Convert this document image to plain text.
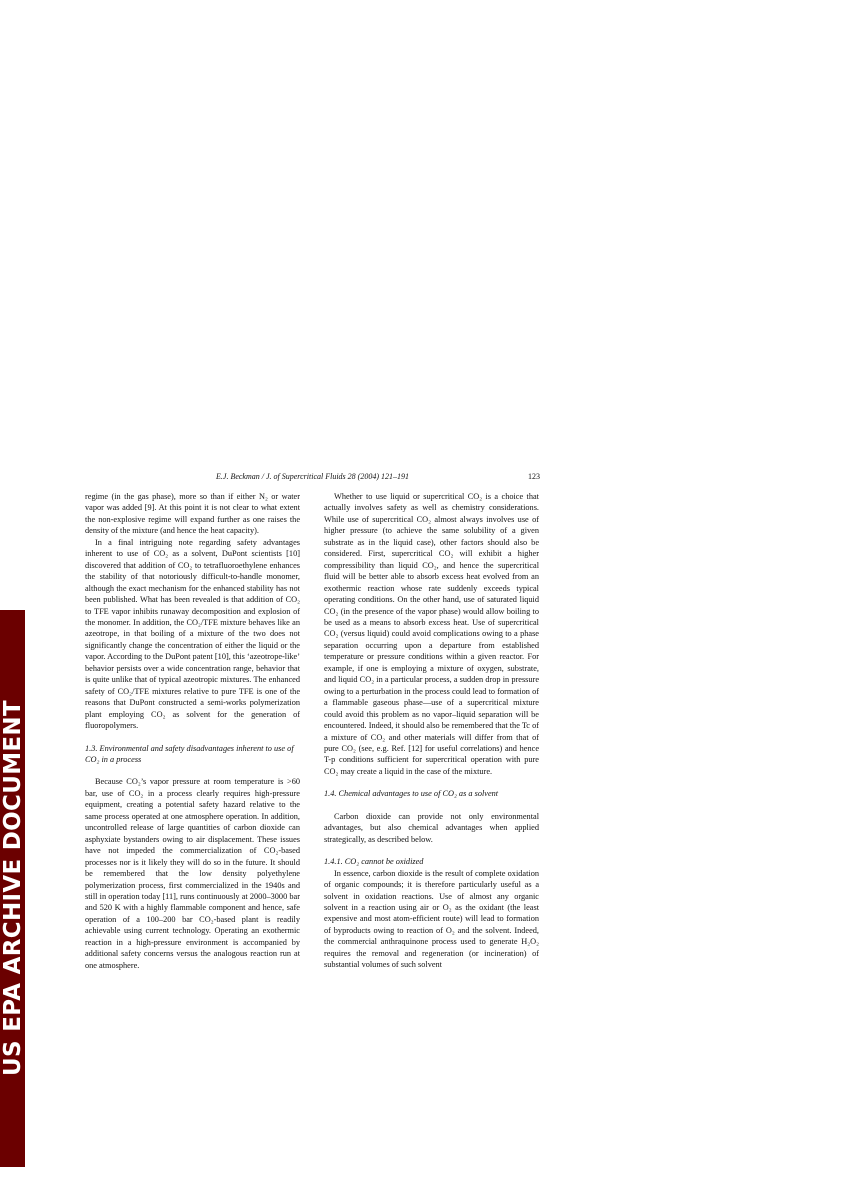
US EPA ARCHIVE DOCUMENT
E.J. Beckman / J. of Supercritical Fluids 28 (2004) 121–191	123

regime (in the gas phase), more so than if either N₂ or water vapor was added [9]. At this point it is not clear to what extent the non-explosive regime will expand further as one raises the density of the mixture (and hence the heat capacity).

In a final intriguing note regarding safety advantages inherent to use of CO₂ as a solvent, DuPont scientists [10] discovered that addition of CO₂ to tetrafluoroethylene enhances the stability of that notoriously difficult-to-handle monomer, although the exact mechanism for the enhanced stability has not been published. What has been revealed is that addition of CO₂ to TFE vapor inhibits runaway decomposition and explosion of the monomer. In addition, the CO₂/TFE mixture behaves like an azeotrope, in that boiling of a mixture of the two does not significantly change the concentration of either the liquid or the vapor. According to the DuPont patent [10], this ‘azeotrope-like’ behavior persists over a wide concentration range, behavior that is quite unlike that of typical azeotropic mixtures. The enhanced safety of CO₂/TFE mixtures relative to pure TFE is one of the reasons that DuPont constructed a semi-works polymerization plant employing CO₂ as solvent for the generation of fluoropolymers.

1.3. Environmental and safety disadvantages inherent to use of CO₂ in a process

Because CO₂’s vapor pressure at room temperature is >60 bar, use of CO₂ in a process clearly requires high-pressure equipment, creating a potential safety hazard relative to the same process operated at one atmosphere operation. In addition, uncontrolled release of large quantities of carbon dioxide can asphyxiate bystanders owing to air displacement. These issues have not impeded the commercialization of CO₂-based processes nor is it likely they will do so in the future. It should be remembered that the low density polyethylene polymerization process, first commercialized in the 1940s and still in operation today [11], runs continuously at 2000–3000 bar and 520 K with a highly flammable component and hence, safe operation of a 100–200 bar CO₂-based plant is readily achievable using current technology. Operating an exothermic reaction in a high-pressure environment is accompanied by additional safety concerns versus the analogous reaction run at one atmosphere.

Whether to use liquid or supercritical CO₂ is a choice that actually involves safety as well as chemistry considerations. While use of supercritical CO₂ almost always involves use of higher pressure (to achieve the same solubility of a given substrate as in the liquid case), other factors should also be considered. First, supercritical CO₂ will exhibit a higher compressibility than liquid CO₂, and hence the supercritical fluid will be better able to absorb excess heat evolved from an exothermic reaction whose rate suddenly exceeds typical operating conditions. On the other hand, use of saturated liquid CO₂ (in the presence of the vapor phase) would allow boiling to be used as a means to absorb excess heat. Use of supercritical CO₂ (versus liquid) could avoid complications owing to a phase separation occurring upon a departure from established temperature or pressure conditions within a given reactor. For example, if one is employing a mixture of oxygen, substrate, and liquid CO₂ in a particular process, a sudden drop in pressure owing to a perturbation in the process could lead to formation of a flammable gaseous phase—use of a supercritical mixture could avoid this problem as no vapor–liquid separation will be encountered. Indeed, it should also be remembered that the Tc of a mixture of CO₂ and other materials will differ from that of pure CO₂ (see, e.g. Ref. [12] for useful correlations) and hence T-p conditions sufficient for supercritical operation with pure CO₂ may create a liquid in the case of the mixture.

1.4. Chemical advantages to use of CO₂ as a solvent

Carbon dioxide can provide not only environmental advantages, but also chemical advantages when applied strategically, as described below.

1.4.1. CO₂ cannot be oxidized

In essence, carbon dioxide is the result of complete oxidation of organic compounds; it is therefore particularly useful as a solvent in oxidation reactions. Use of almost any organic solvent in a reaction using air or O₂ as the oxidant (the least expensive and most atom-efficient route) will lead to formation of byproducts owing to reaction of O₂ and the solvent. Indeed, the commercial anthraquinone process used to generate H₂O₂ requires the removal and regeneration (or incineration) of substantial volumes of such solvent
